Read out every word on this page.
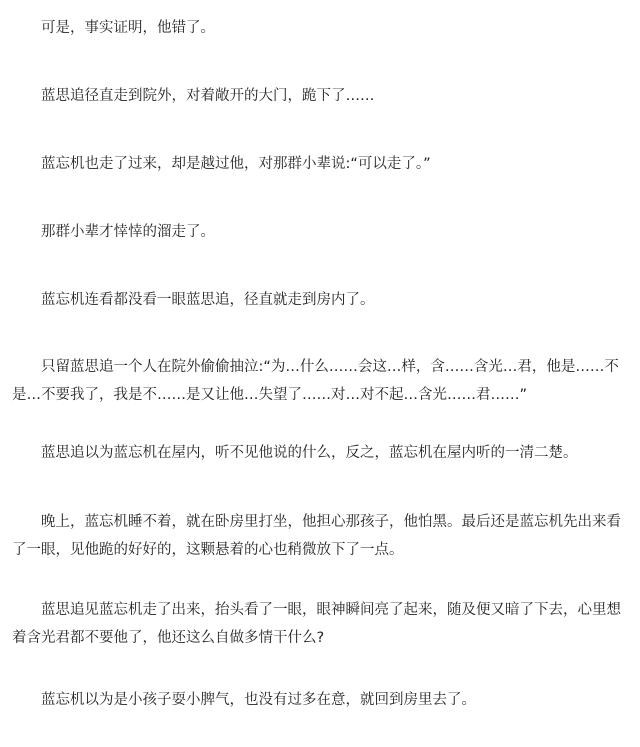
可是，事实证明，他错了。

蓝思追径直走到院外，对着敞开的大门，跪下了……

蓝忘机也走了过来，却是越过他，对那群小辈说:“可以走了。”

那群小辈才悻悻的溜走了。

蓝忘机连看都没看一眼蓝思追，径直就走到房内了。

只留蓝思追一个人在院外偷偷抽泣:“为…什么……会这…样，含……含光…君，他是……不是…不要我了，我是不……是又让他…失望了……对…对不起…含光……君……”

蓝思追以为蓝忘机在屋内，听不见他说的什么，反之，蓝忘机在屋内听的一清二楚。

晚上，蓝忘机睡不着，就在卧房里打坐，他担心那孩子，他怕黑。最后还是蓝忘机先出来看了一眼，见他跪的好好的，这颗悬着的心也稍微放下了一点。

蓝思追见蓝忘机走了出来，抬头看了一眼，眼神瞬间亮了起来，随及便又暗了下去，心里想着含光君都不要他了，他还这么自做多情干什么?

蓝忘机以为是小孩子耍小脾气，也没有过多在意，就回到房里去了。
